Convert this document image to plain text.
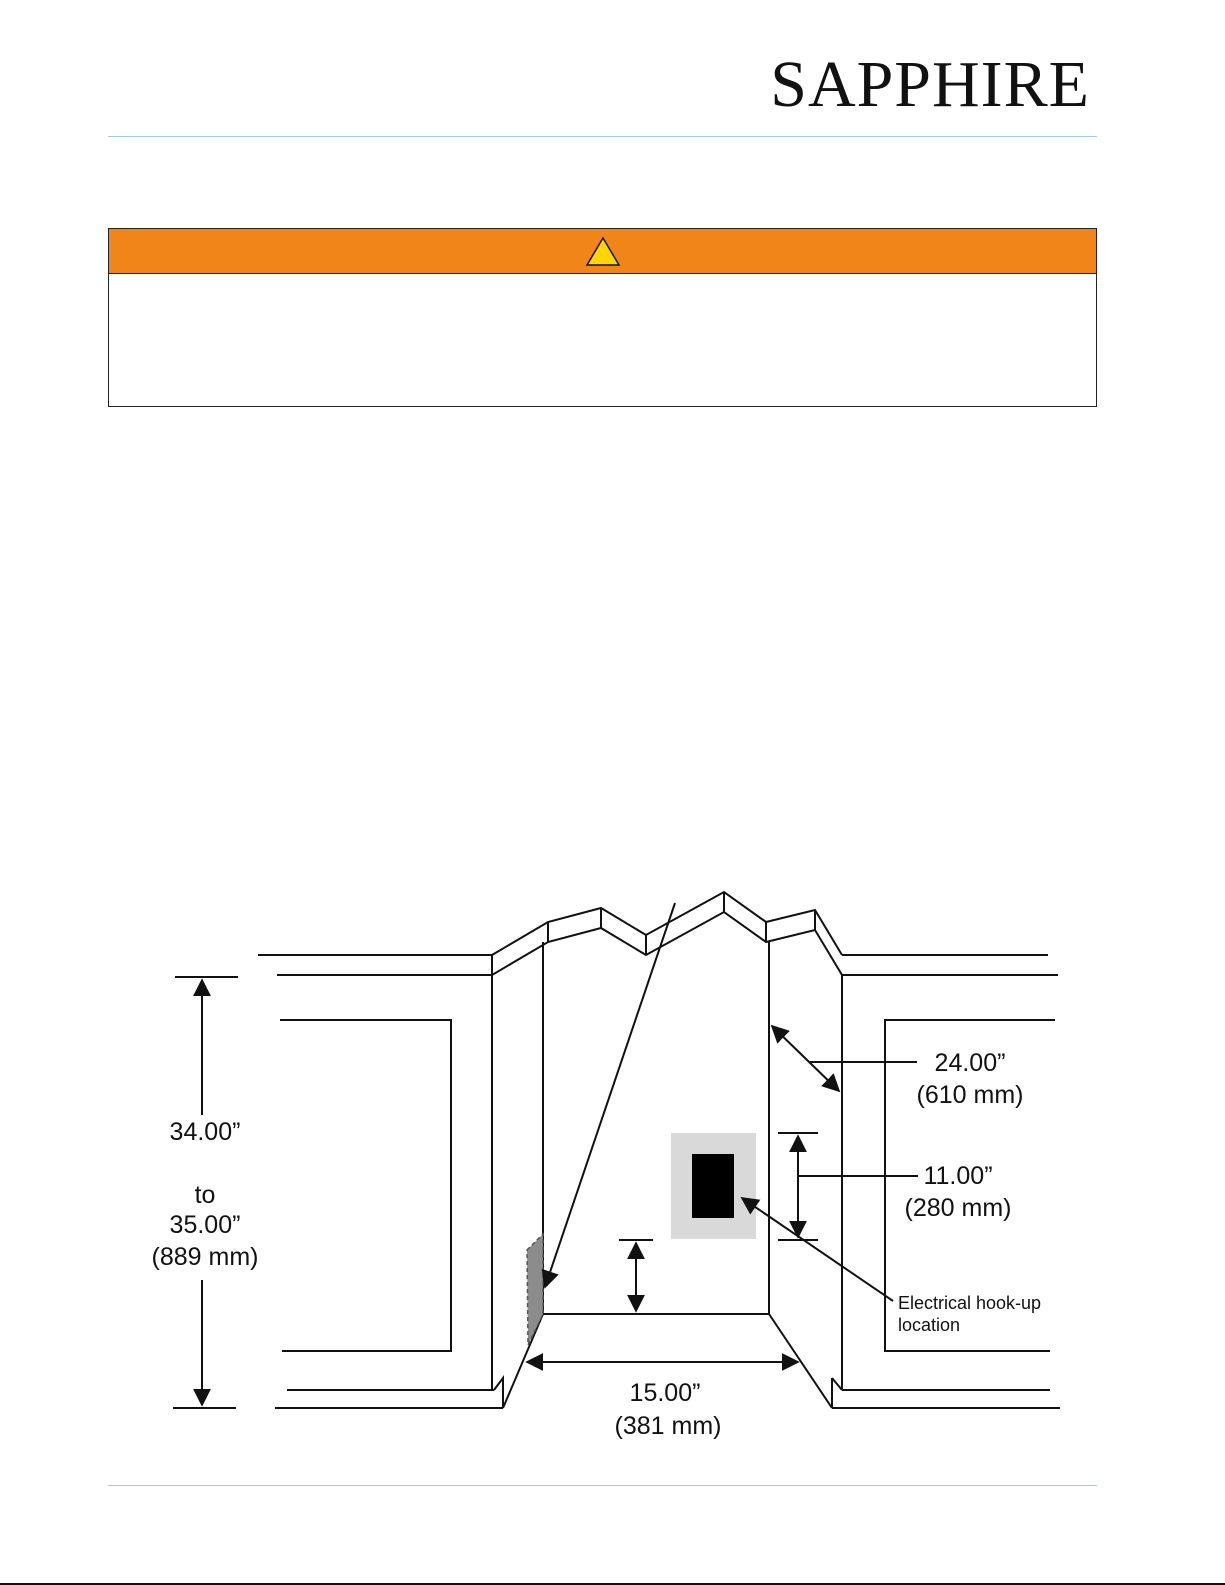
SAPPHIRE
34.00”
to
35.00”
(889 mm)
24.00”
(610 mm)
11.00”
(280 mm)
15.00”
(381 mm)
Electrical hook-up
location
